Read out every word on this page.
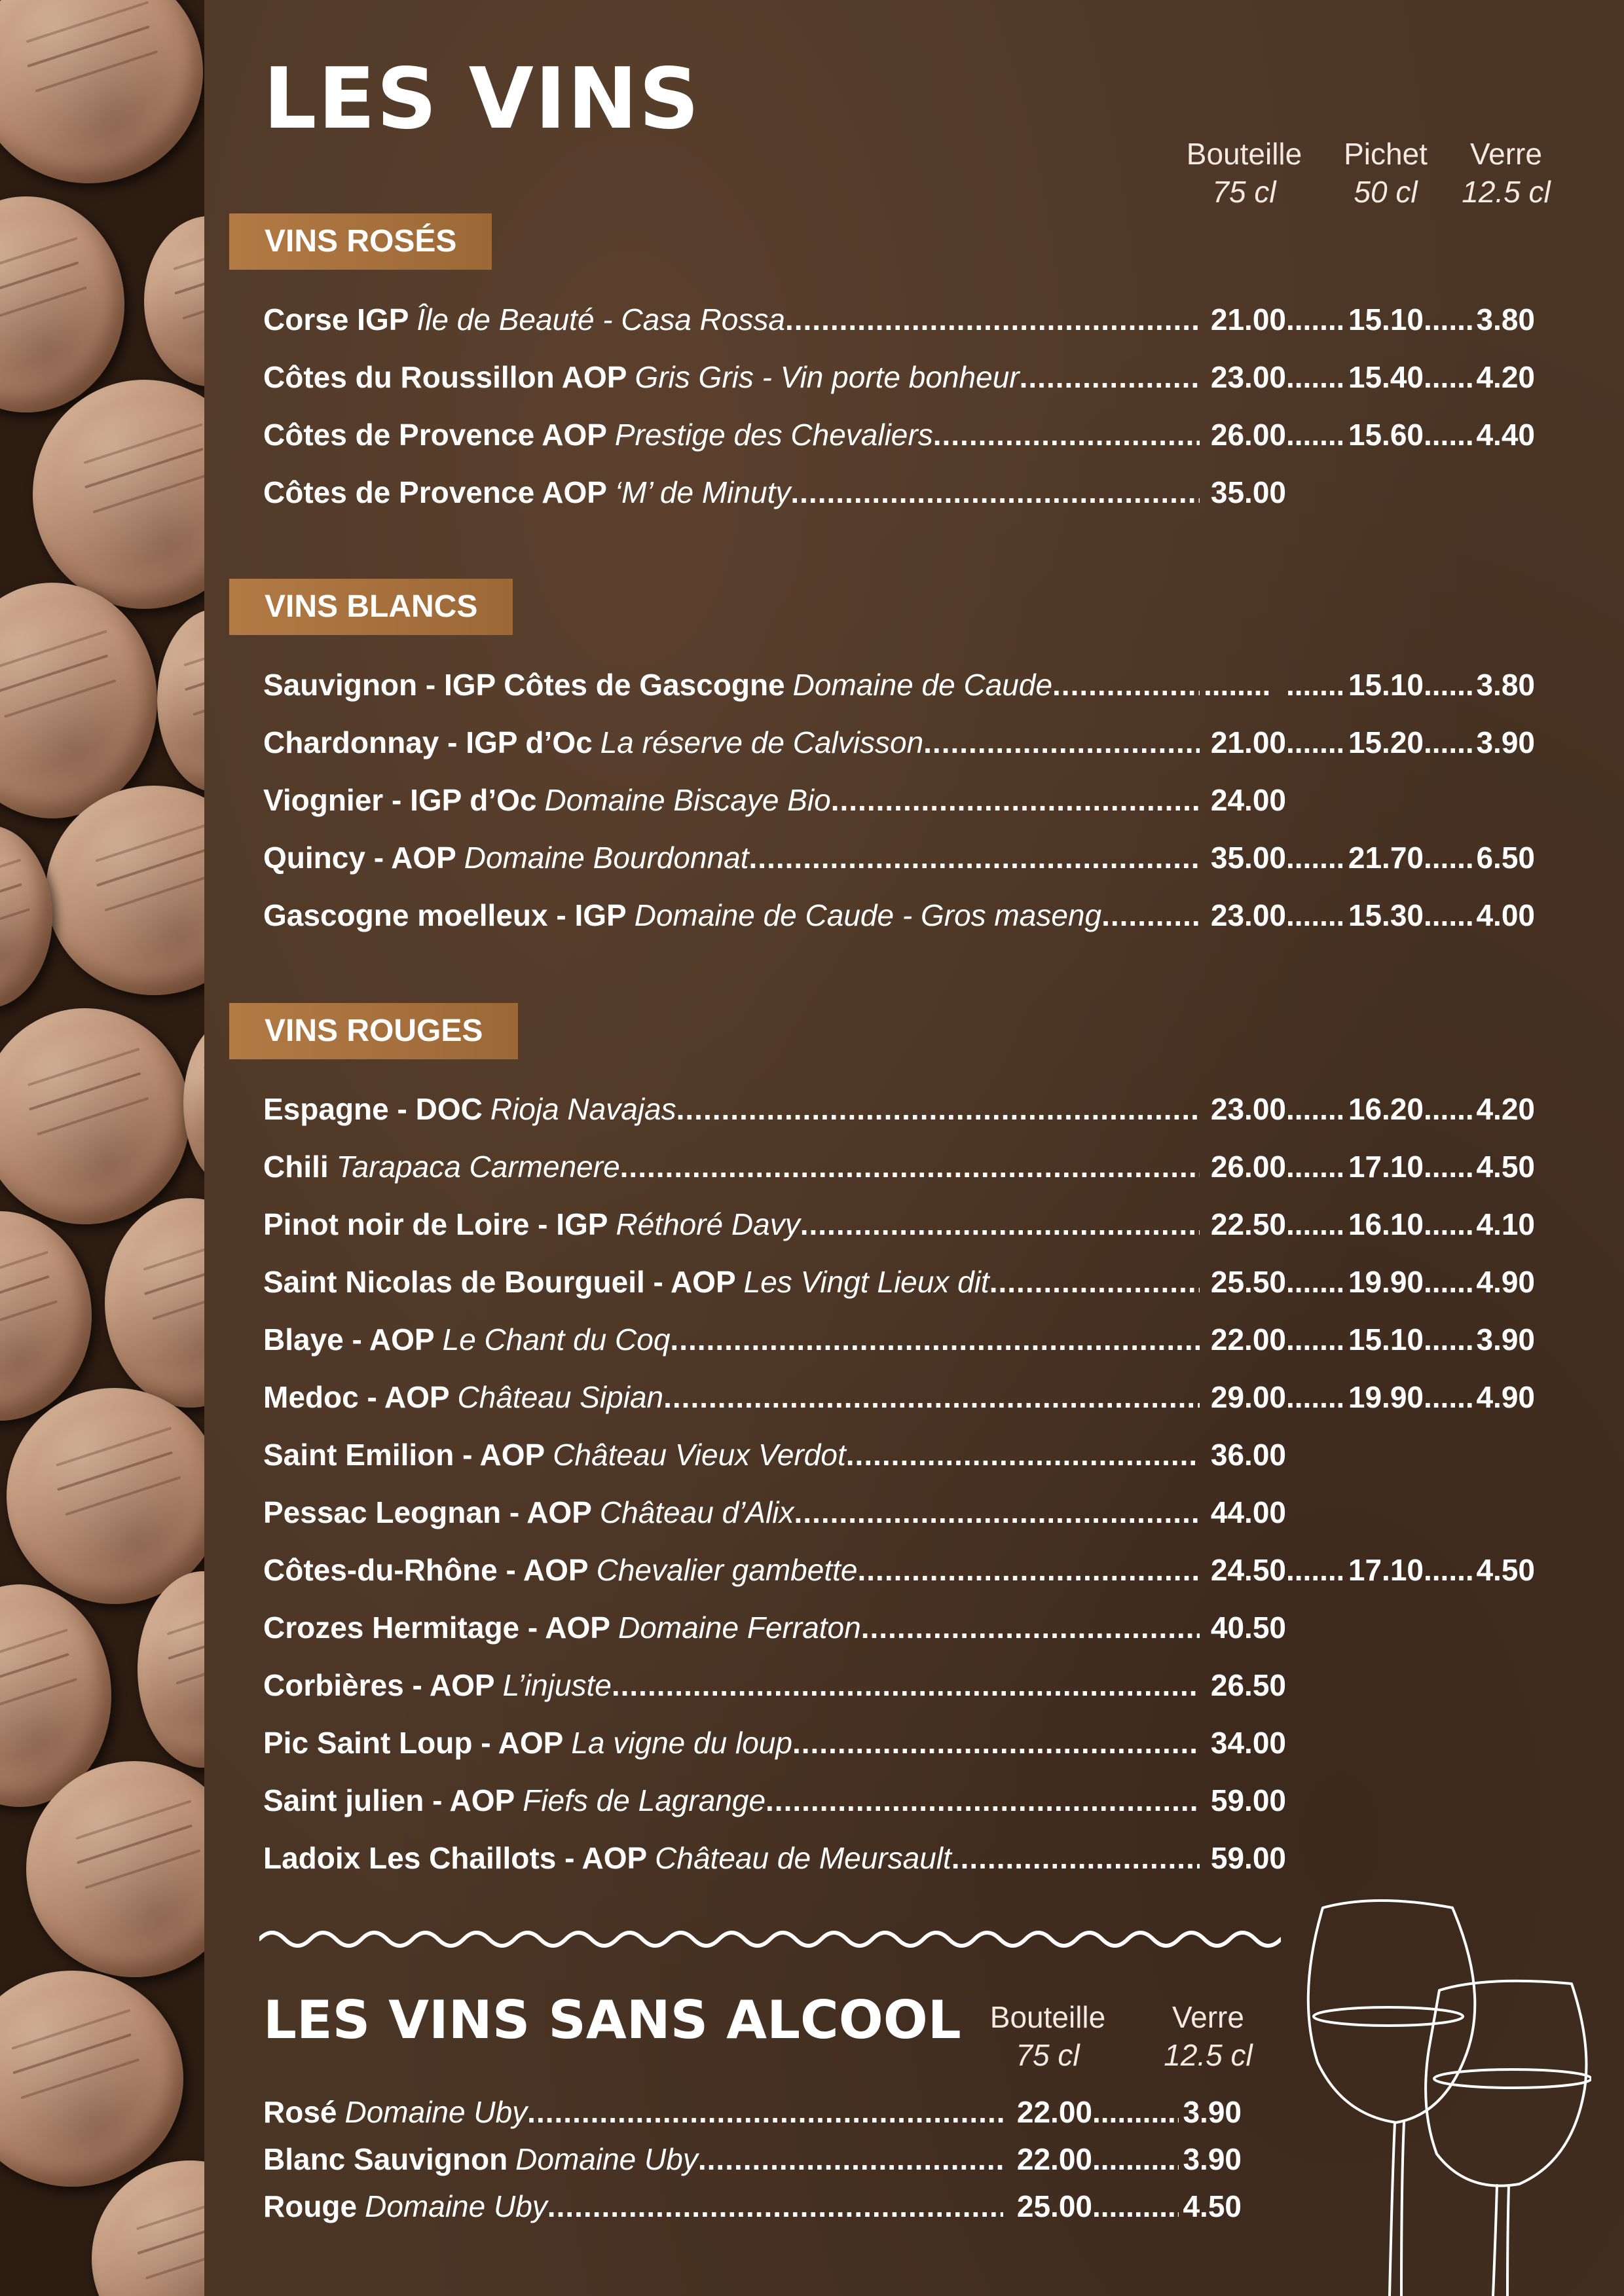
LES VINS
Bouteille
75 cl
Pichet
50 cl
Verre
12.5 cl
VINS ROSÉS
Corse IGP Île de Beauté - Casa Rossa .....	21.00 ........ 15.10 ........ 3.80
Côtes du Roussillon AOP Gris Gris - Vin porte bonheur .....	23.00 ........ 15.40 ........ 4.20
Côtes de Provence AOP Prestige des Chevaliers .....	26.00 ........ 15.60 ........ 4.40
Côtes de Provence AOP ‘M’ de Minuty .....	35.00
VINS BLANCS
Sauvignon - IGP Côtes de Gascogne Domaine de Caude ..... ........ ........	15.10 ........ 3.80
Chardonnay - IGP d’Oc La réserve de Calvisson .....	21.00 ........ 15.20 ........ 3.90
Viognier - IGP d’Oc Domaine Biscaye Bio .....	24.00
Quincy - AOP Domaine Bourdonnat .....	35.00 ........ 21.70 ........ 6.50
Gascogne moelleux - IGP Domaine de Caude - Gros maseng .....	23.00 ........ 15.30 ........ 4.00
VINS ROUGES
Espagne - DOC Rioja Navajas .....	23.00 ........ 16.20 ........ 4.20
Chili Tarapaca Carmenere .....	26.00 ........ 17.10 ........ 4.50
Pinot noir de Loire - IGP Réthoré Davy .....	22.50 ........ 16.10 ........ 4.10
Saint Nicolas de Bourgueil - AOP Les Vingt Lieux dit .....	25.50 ........ 19.90 ........ 4.90
Blaye - AOP Le Chant du Coq .....	22.00 ........ 15.10 ........ 3.90
Medoc - AOP Château Sipian .....	29.00 ........ 19.90 ........ 4.90
Saint Emilion - AOP Château Vieux Verdot .....	36.00
Pessac Leognan - AOP Château d’Alix .....	44.00
Côtes-du-Rhône - AOP Chevalier gambette .....	24.50 ........ 17.10 ........ 4.50
Crozes Hermitage - AOP Domaine Ferraton .....	40.50
Corbières - AOP L’injuste .....	26.50
Pic Saint Loup - AOP La vigne du loup .....	34.00
Saint julien - AOP Fiefs de Lagrange .....	59.00
Ladoix Les Chaillots - AOP Château de Meursault .....	59.00
LES VINS SANS ALCOOL Bouteille
75 cl
Verre
12.5 cl
Rosé Domaine Uby .....	22.00 .....	3.90
Blanc Sauvignon Domaine Uby .....	22.00 .....	3.90
Rouge Domaine Uby .....	25.00 .....	4.50
